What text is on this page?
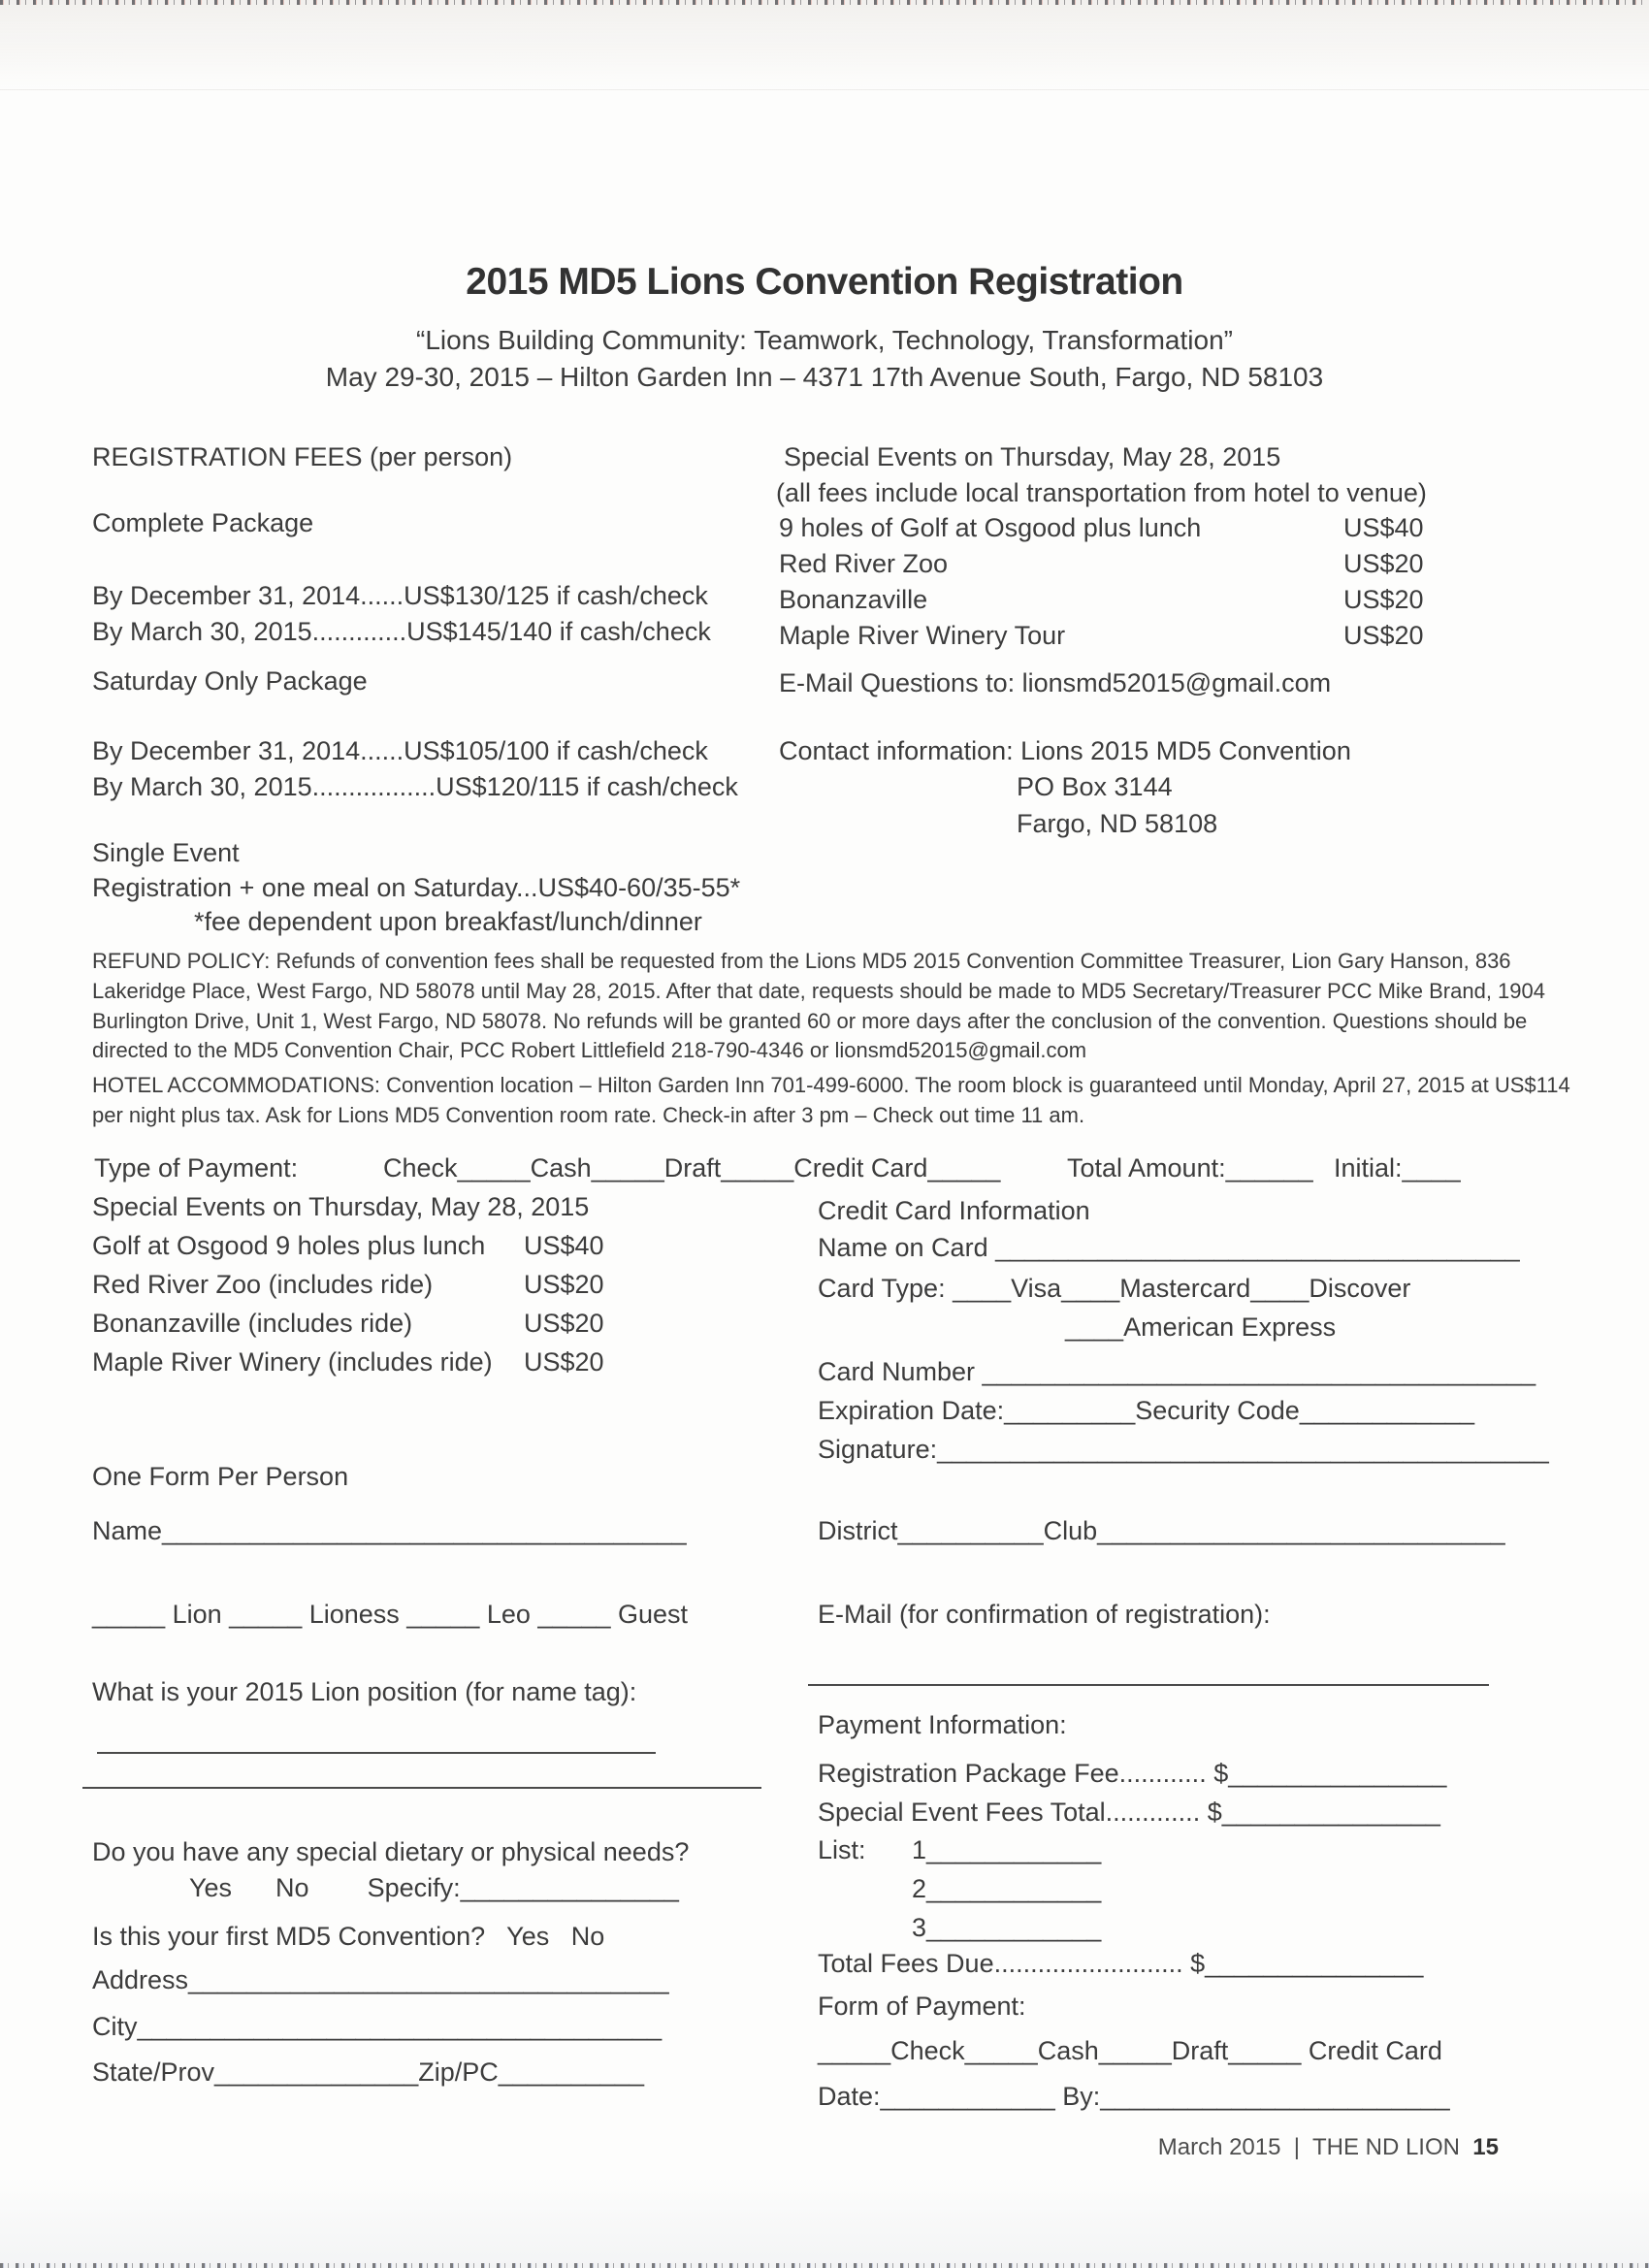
2015 MD5 Lions Convention Registration
“Lions Building Community: Teamwork, Technology, Transformation”
May 29-30, 2015 – Hilton Garden Inn – 4371 17th Avenue South, Fargo, ND 58103
REGISTRATION FEES (per person)
Complete Package
By December 31, 2014......US$130/125 if cash/check
By March 30, 2015.............US$145/140 if cash/check
Saturday Only Package
By December 31, 2014......US$105/100 if cash/check
By March 30, 2015.................US$120/115 if cash/check
Single Event
Registration + one meal on Saturday...US$40-60/35-55*
*fee dependent upon breakfast/lunch/dinner
Special Events on Thursday, May 28, 2015
(all fees include local transportation from hotel to venue)
9 holes of Golf at Osgood plus lunch	US$40
Red River Zoo	US$20
Bonanzaville	US$20
Maple River Winery Tour	US$20
E-Mail Questions to: lionsmd52015@gmail.com
Contact information: Lions 2015 MD5 Convention
PO Box 3144
Fargo, ND 58108
REFUND POLICY: Refunds of convention fees shall be requested from the Lions MD5 2015 Convention Committee Treasurer, Lion Gary Hanson, 836 Lakeridge Place, West Fargo, ND 58078 until May 28, 2015. After that date, requests should be made to MD5 Secretary/Treasurer PCC Mike Brand, 1904 Burlington Drive, Unit 1, West Fargo, ND 58078. No refunds will be granted 60 or more days after the conclusion of the convention. Questions should be directed to the MD5 Convention Chair, PCC Robert Littlefield 218-790-4346 or lionsmd52015@gmail.com
HOTEL ACCOMMODATIONS: Convention location – Hilton Garden Inn 701-499-6000. The room block is guaranteed until Monday, April 27, 2015 at US$114 per night plus tax. Ask for Lions MD5 Convention room rate. Check-in after 3 pm – Check out time 11 am.
Type of Payment:	Check_____Cash_____Draft_____Credit Card_____	Total Amount:______ Initial:____
Special Events on Thursday, May 28, 2015
Golf at Osgood 9 holes plus lunch US$40
Red River Zoo (includes ride)	US$20
Bonanzaville (includes ride)	US$20
Maple River Winery (includes ride) US$20
Credit Card Information
Name on Card ____________________________________
Card Type: ____Visa____Mastercard____Discover
____American Express
Card Number ______________________________________
Expiration Date:_________Security Code____________
Signature:__________________________________________
One Form Per Person
Name____________________________________	District__________Club____________________________
_____ Lion _____ Lioness _____ Leo _____ Guest	E-Mail (for confirmation of registration):
What is your 2015 Lion position (for name tag):
Payment Information:
Registration Package Fee............ $_______________
Special Event Fees Total............. $_______________
List: 1____________
2____________
3____________
Total Fees Due.......................... $_______________
Form of Payment:
_____Check_____Cash_____Draft_____ Credit Card
Date:____________ By:________________________
Do you have any special dietary or physical needs?
Yes      No        Specify:_______________
Is this your first MD5 Convention?   Yes   No
Address_________________________________
City____________________________________
State/Prov______________Zip/PC__________
March 2015  |  THE ND LION  15
